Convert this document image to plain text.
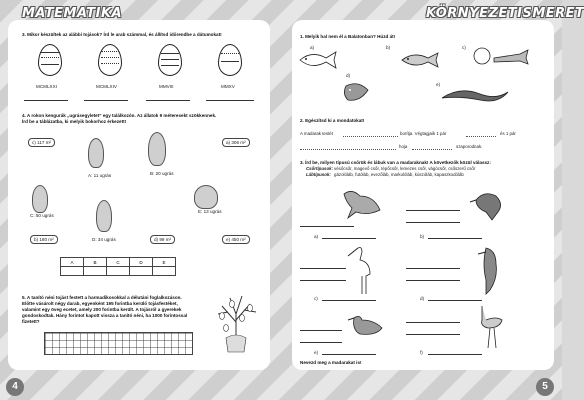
MATEMATIKA
4
3. Mikor készültek az alábbi tojások? Írd le arab számmal, és állítsd időrendbe a dátumokat!
MCMLXXI	MCMLXIV	MMVIII	MMXV
4. A rokon kengurák „ugrásegyletet” egy találkozón. Az állatok 9 méteresekt szökkennek.
Írd be a táblázatba, ki melyik bokorhoz érkezett!
c) 117 m²	a) 306 m²
b) 180 m²	d) 99 m²	e) 450 m²
A: 11 ugrás	B: 20 ugrás
C: 50 ugrás
D: 34 ugrás
E: 13 ugrás
A	B	C	D	E

5. A tanító néni tojást festett a harmadikosokkal a délutáni foglalkozáson.
Előtte vásárolt négy darab, egyenként 195 forintba kerülő tojásfestéket,
valamint egy öveg ecetet, amely 200 forintba került. A tojásról a gyerekek
gondoskodtak. Hány forintot kapott vissza a tanító néni, ha 1000 forintossal
fizetett?
KÖRNYEZETISMERET
5
1. Melyik hal nem él a Balatonban? Húzd át!
a)	b)	c)
d)
e)
2. Egészítsd ki a mondatokat!
A madarak testét	borítja. Végtagjaik 1 pár	és 1 pár
hoja	szaporodnak.
3. Írd be, milyen típusú csőrük és lábuk van a madaraknak! A következők közül válassz:
Csőrtípusok: vésőcsőr, magevő csőr, tépőcsőr, lemezes csőr, vágócsőr, csőszerű csőr
Lábtípusok: gázolóláb, futóláb, evezőláb, markolóláb, kúszóláb, kapaszkodóláb
a)	b)
c)	d)
e)	f)
Nevezd meg a madarakat is!
